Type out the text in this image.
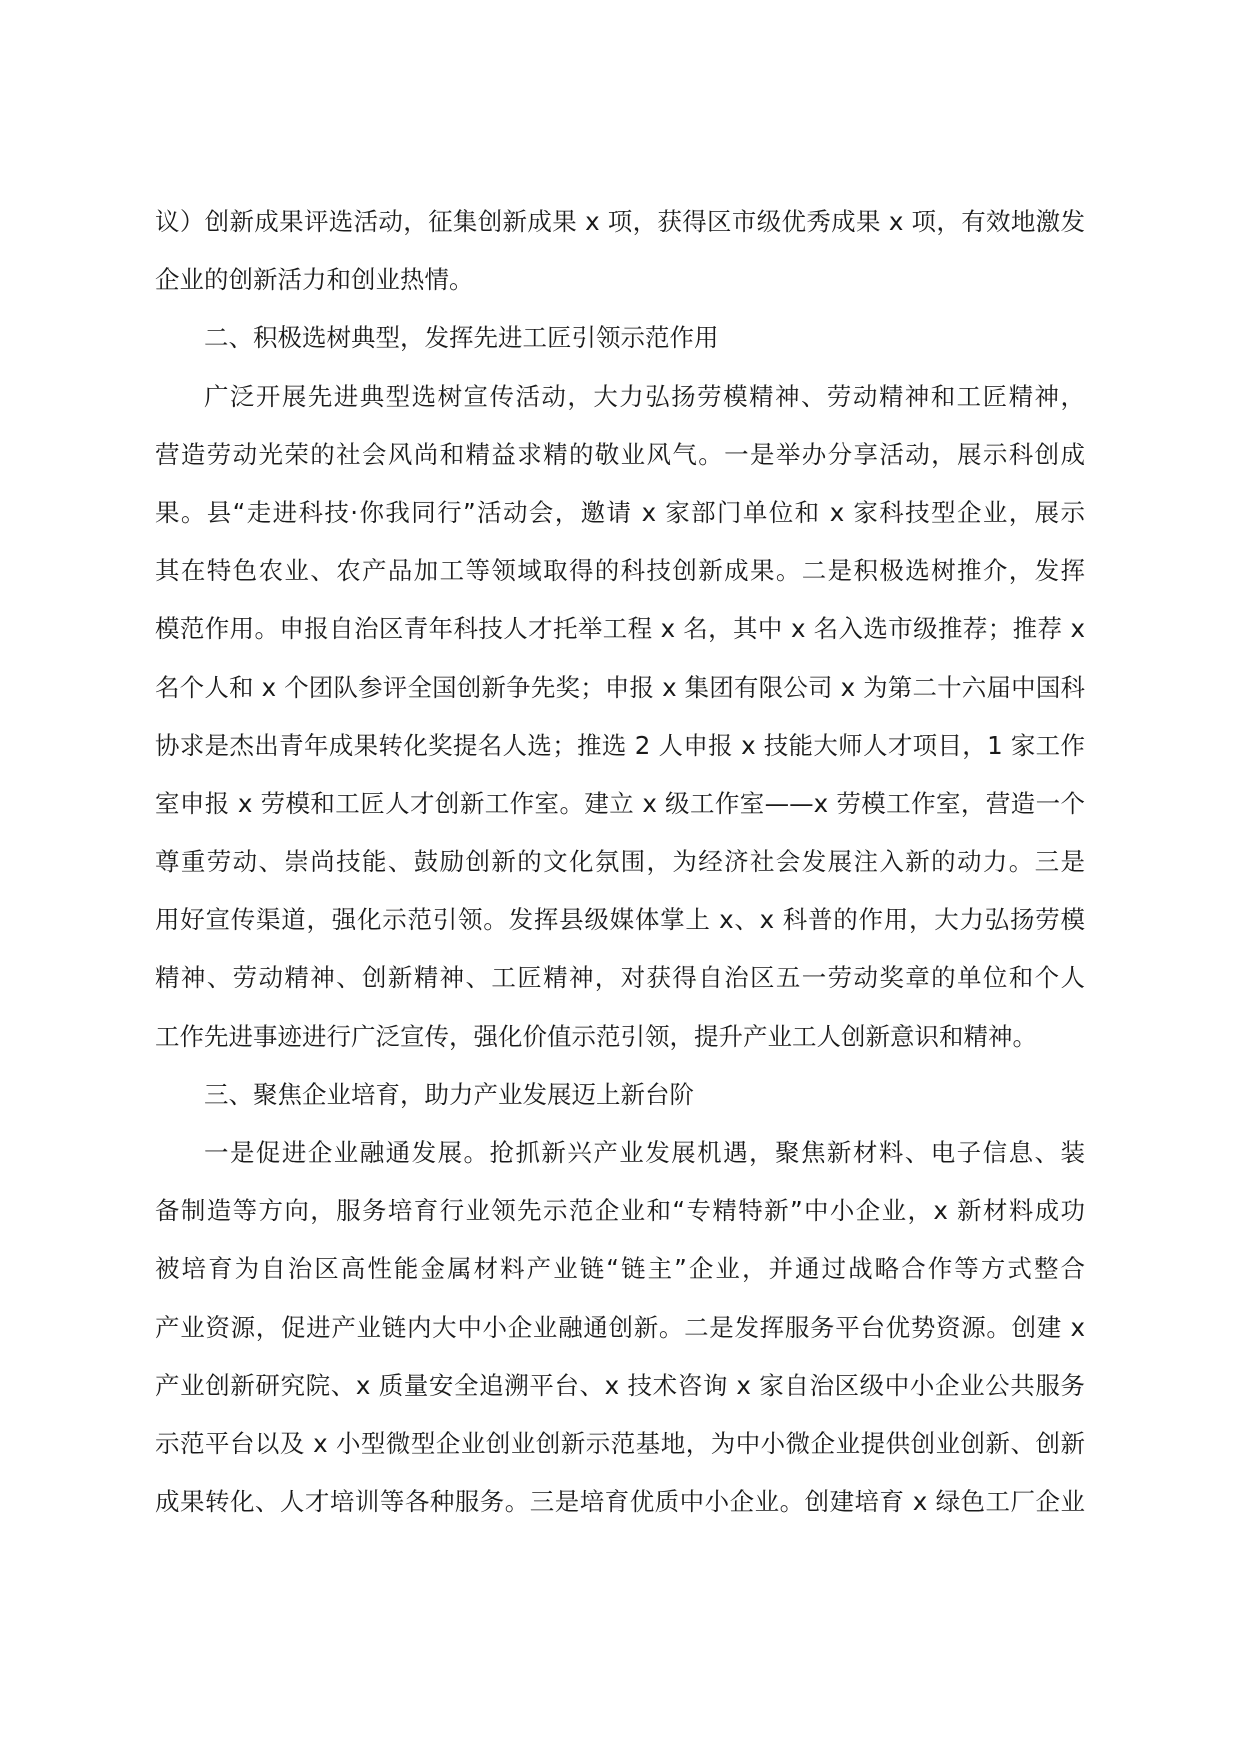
议）创新成果评选活动，征集创新成果 x 项，获得区市级优秀成果 x 项，有效地激发
企业的创新活力和创业热情。
二、积极选树典型，发挥先进工匠引领示范作用
广泛开展先进典型选树宣传活动，大力弘扬劳模精神、劳动精神和工匠精神，
营造劳动光荣的社会风尚和精益求精的敬业风气。一是举办分享活动，展示科创成
果。县“走进科技·你我同行”活动会，邀请 x 家部门单位和 x 家科技型企业，展示
其在特色农业、农产品加工等领域取得的科技创新成果。二是积极选树推介，发挥
模范作用。申报自治区青年科技人才托举工程 x 名，其中 x 名入选市级推荐；推荐 x
名个人和 x 个团队参评全国创新争先奖；申报 x 集团有限公司 x 为第二十六届中国科
协求是杰出青年成果转化奖提名人选；推选 2 人申报 x 技能大师人才项目，1 家工作
室申报 x 劳模和工匠人才创新工作室。建立 x 级工作室——x 劳模工作室，营造一个
尊重劳动、崇尚技能、鼓励创新的文化氛围，为经济社会发展注入新的动力。三是
用好宣传渠道，强化示范引领。发挥县级媒体掌上 x、x 科普的作用，大力弘扬劳模
精神、劳动精神、创新精神、工匠精神，对获得自治区五一劳动奖章的单位和个人
工作先进事迹进行广泛宣传，强化价值示范引领，提升产业工人创新意识和精神。
三、聚焦企业培育，助力产业发展迈上新台阶
一是促进企业融通发展。抢抓新兴产业发展机遇，聚焦新材料、电子信息、装
备制造等方向，服务培育行业领先示范企业和“专精特新”中小企业，x 新材料成功
被培育为自治区高性能金属材料产业链“链主”企业，并通过战略合作等方式整合
产业资源，促进产业链内大中小企业融通创新。二是发挥服务平台优势资源。创建 x
产业创新研究院、x 质量安全追溯平台、x 技术咨询 x 家自治区级中小企业公共服务
示范平台以及 x 小型微型企业创业创新示范基地，为中小微企业提供创业创新、创新
成果转化、人才培训等各种服务。三是培育优质中小企业。创建培育 x 绿色工厂企业
